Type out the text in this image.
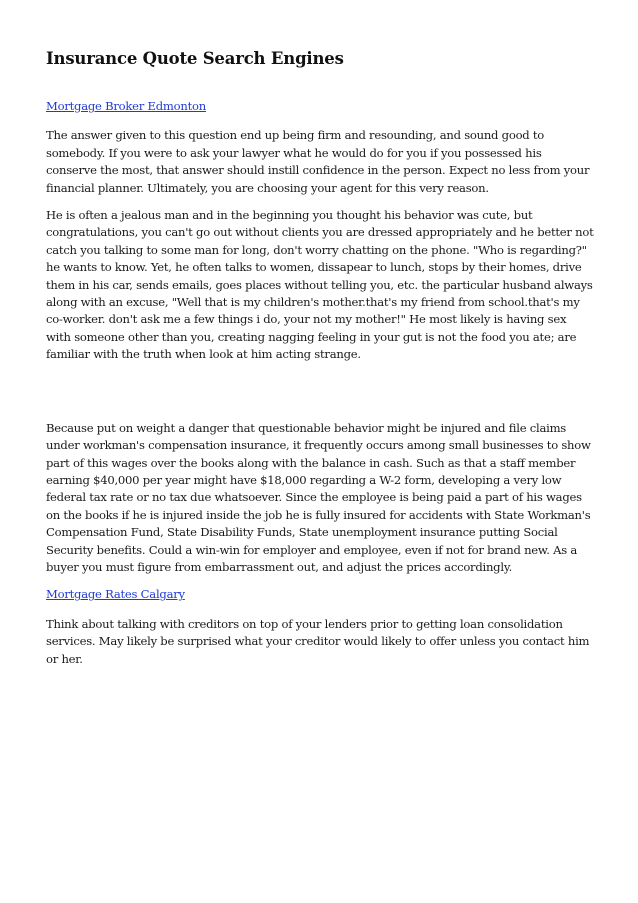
Insurance Quote Search Engines

Mortgage Broker Edmonton

The answer given to this question end up being firm and resounding, and sound good to somebody. If you were to ask your lawyer what he would do for you if you possessed his conserve the most, that answer should instill confidence in the person. Expect no less from your financial planner. Ultimately, you are choosing your agent for this very reason.

He is often a jealous man and in the beginning you thought his behavior was cute, but congratulations, you can't go out without clients you are dressed appropriately and he better not catch you talking to some man for long, don't worry chatting on the phone. "Who is regarding?" he wants to know. Yet, he often talks to women, dissapear to lunch, stops by their homes, drive them in his car, sends emails, goes places without telling you, etc. the particular husband always along with an excuse, "Well that is my children's mother.that's my friend from school.that's my co-worker. don't ask me a few things i do, your not my mother!" He most likely is having sex with someone other than you, creating nagging feeling in your gut is not the food you ate; are familiar with the truth when look at him acting strange.

Because put on weight a danger that questionable behavior might be injured and file claims under workman's compensation insurance, it frequently occurs among small businesses to show part of this wages over the books along with the balance in cash. Such as that a staff member earning $40,000 per year might have $18,000 regarding a W-2 form, developing a very low federal tax rate or no tax due whatsoever. Since the employee is being paid a part of his wages on the books if he is injured inside the job he is fully insured for accidents with State Workman's Compensation Fund, State Disability Funds, State unemployment insurance putting Social Security benefits. Could a win-win for employer and employee, even if not for brand new. As a buyer you must figure from embarrassment out, and adjust the prices accordingly.

Mortgage Rates Calgary

Think about talking with creditors on top of your lenders prior to getting loan consolidation services. May likely be surprised what your creditor would likely to offer unless you contact him or her.
